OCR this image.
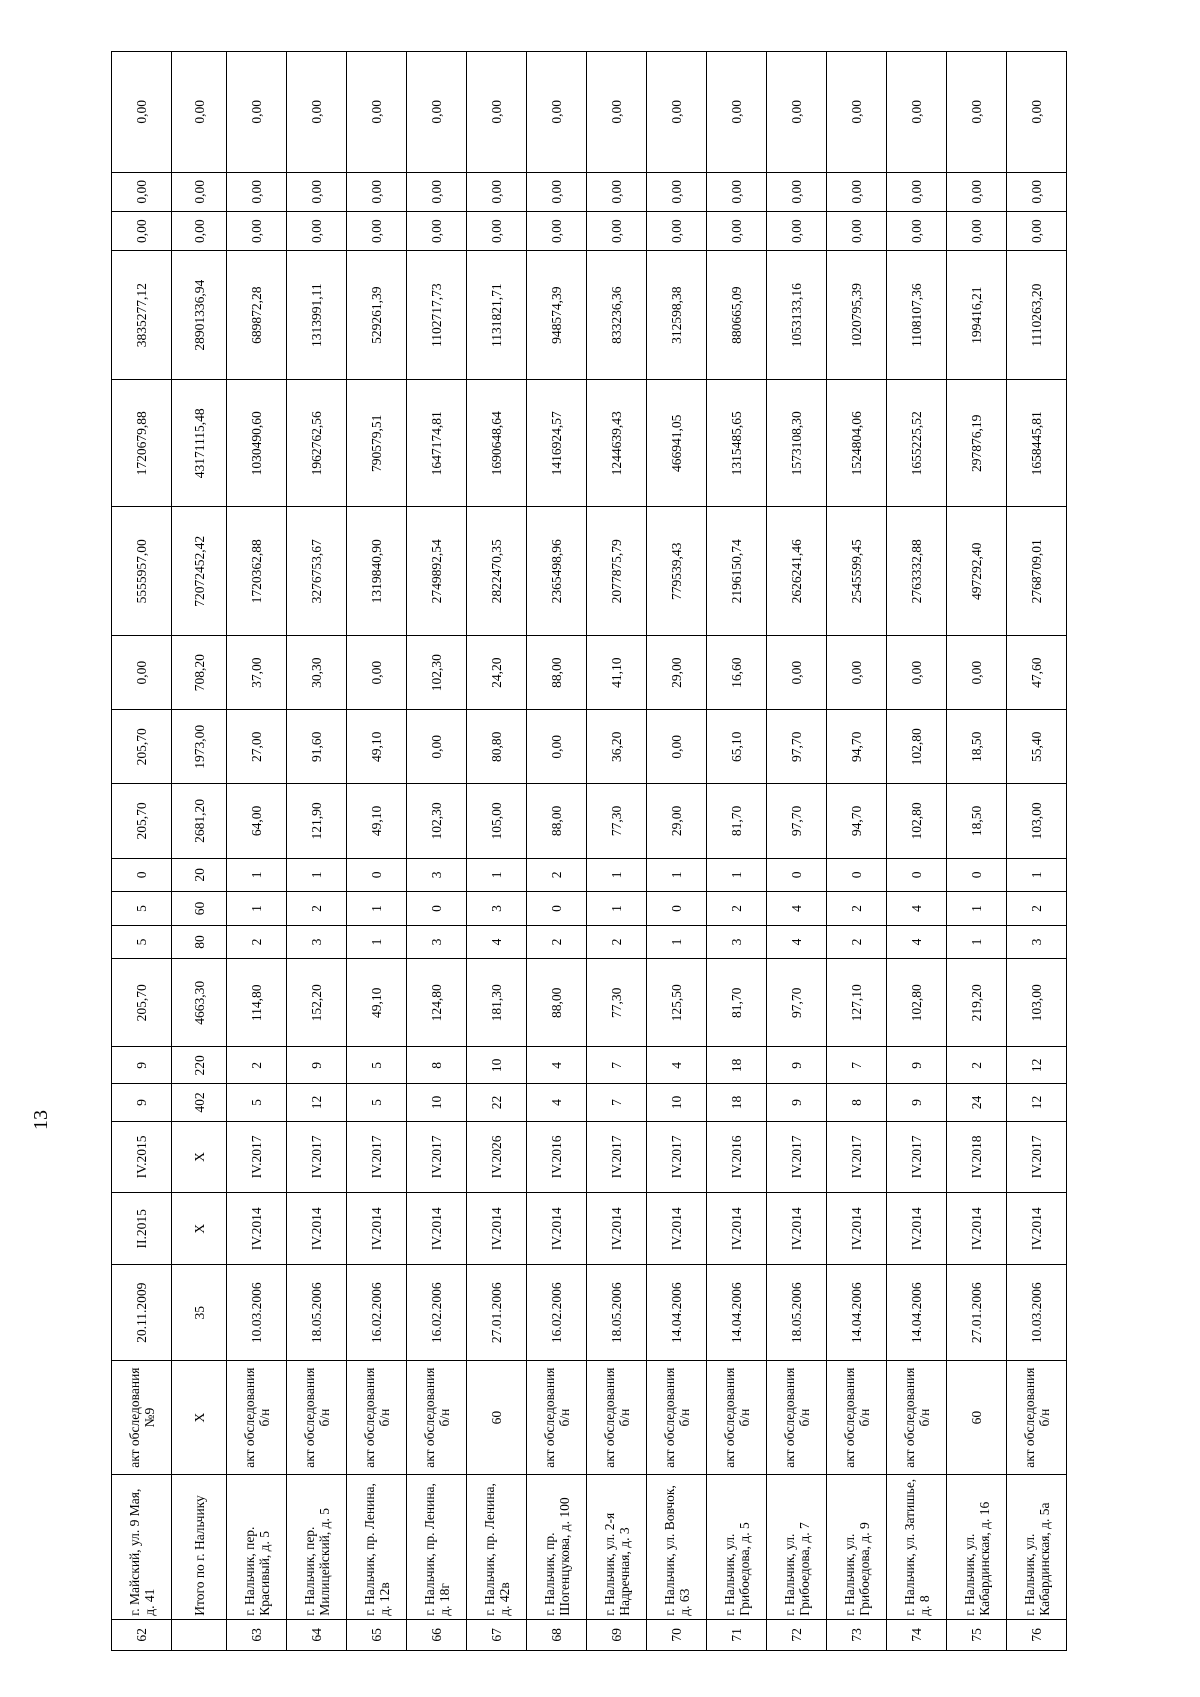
13
62	г. Майский, ул. 9 Мая, д. 41	акт обследования №9	20.11.2009	II.2015	IV.2015	9	9	205,70	5	5	0	205,70	205,70	0,00	5555957,00	1720679,88	3835277,12	0,00	0,00	0,00
	Итого по г. Нальчику	X	35	X	X	402	220	4663,30	80	60	20	2681,20	1973,00	708,20	72072452,42	43171115,48	28901336,94	0,00	0,00	0,00
63	г. Нальчик, пер. Красивый, д. 5	акт обследования б/н	10.03.2006	IV.2014	IV.2017	5	2	114,80	2	1	1	64,00	27,00	37,00	1720362,88	1030490,60	689872,28	0,00	0,00	0,00
64	г. Нальчик, пер. Милицейский, д. 5	акт обследования б/н	18.05.2006	IV.2014	IV.2017	12	9	152,20	3	2	1	121,90	91,60	30,30	3276753,67	1962762,56	1313991,11	0,00	0,00	0,00
65	г. Нальчик, пр. Ленина, д. 12в	акт обследования б/н	16.02.2006	IV.2014	IV.2017	5	5	49,10	1	1	0	49,10	49,10	0,00	1319840,90	790579,51	529261,39	0,00	0,00	0,00
66	г. Нальчик, пр. Ленина, д. 18г	акт обследования б/н	16.02.2006	IV.2014	IV.2017	10	8	124,80	3	0	3	102,30	0,00	102,30	2749892,54	1647174,81	1102717,73	0,00	0,00	0,00
67	г. Нальчик, пр. Ленина, д. 42в	60	27.01.2006	IV.2014	IV.2026	22	10	181,30	4	3	1	105,00	80,80	24,20	2822470,35	1690648,64	1131821,71	0,00	0,00	0,00
68	г. Нальчик, пр. Шогенцукова, д. 100	акт обследования б/н	16.02.2006	IV.2014	IV.2016	4	4	88,00	2	0	2	88,00	0,00	88,00	2365498,96	1416924,57	948574,39	0,00	0,00	0,00
69	г. Нальчик, ул. 2-я Надречная, д. 3	акт обследования б/н	18.05.2006	IV.2014	IV.2017	7	7	77,30	2	1	1	77,30	36,20	41,10	2077875,79	1244639,43	833236,36	0,00	0,00	0,00
70	г. Нальчик, ул. Вовчок, д. 63	акт обследования б/н	14.04.2006	IV.2014	IV.2017	10	4	125,50	1	0	1	29,00	0,00	29,00	779539,43	466941,05	312598,38	0,00	0,00	0,00
71	г. Нальчик, ул. Грибоедова, д. 5	акт обследования б/н	14.04.2006	IV.2014	IV.2016	18	18	81,70	3	2	1	81,70	65,10	16,60	2196150,74	1315485,65	880665,09	0,00	0,00	0,00
72	г. Нальчик, ул. Грибоедова, д. 7	акт обследования б/н	18.05.2006	IV.2014	IV.2017	9	9	97,70	4	4	0	97,70	97,70	0,00	2626241,46	1573108,30	1053133,16	0,00	0,00	0,00
73	г. Нальчик, ул. Грибоедова, д. 9	акт обследования б/н	14.04.2006	IV.2014	IV.2017	8	7	127,10	2	2	0	94,70	94,70	0,00	2545599,45	1524804,06	1020795,39	0,00	0,00	0,00
74	г. Нальчик, ул. Затишье, д. 8	акт обследования б/н	14.04.2006	IV.2014	IV.2017	9	9	102,80	4	4	0	102,80	102,80	0,00	2763332,88	1655225,52	1108107,36	0,00	0,00	0,00
75	г. Нальчик, ул. Кабардинская, д. 16	60	27.01.2006	IV.2014	IV.2018	24	2	219,20	1	1	0	18,50	18,50	0,00	497292,40	297876,19	199416,21	0,00	0,00	0,00
76	г. Нальчик, ул. Кабардинская, д. 5а	акт обследования б/н	10.03.2006	IV.2014	IV.2017	12	12	103,00	3	2	1	103,00	55,40	47,60	2768709,01	1658445,81	1110263,20	0,00	0,00	0,00
